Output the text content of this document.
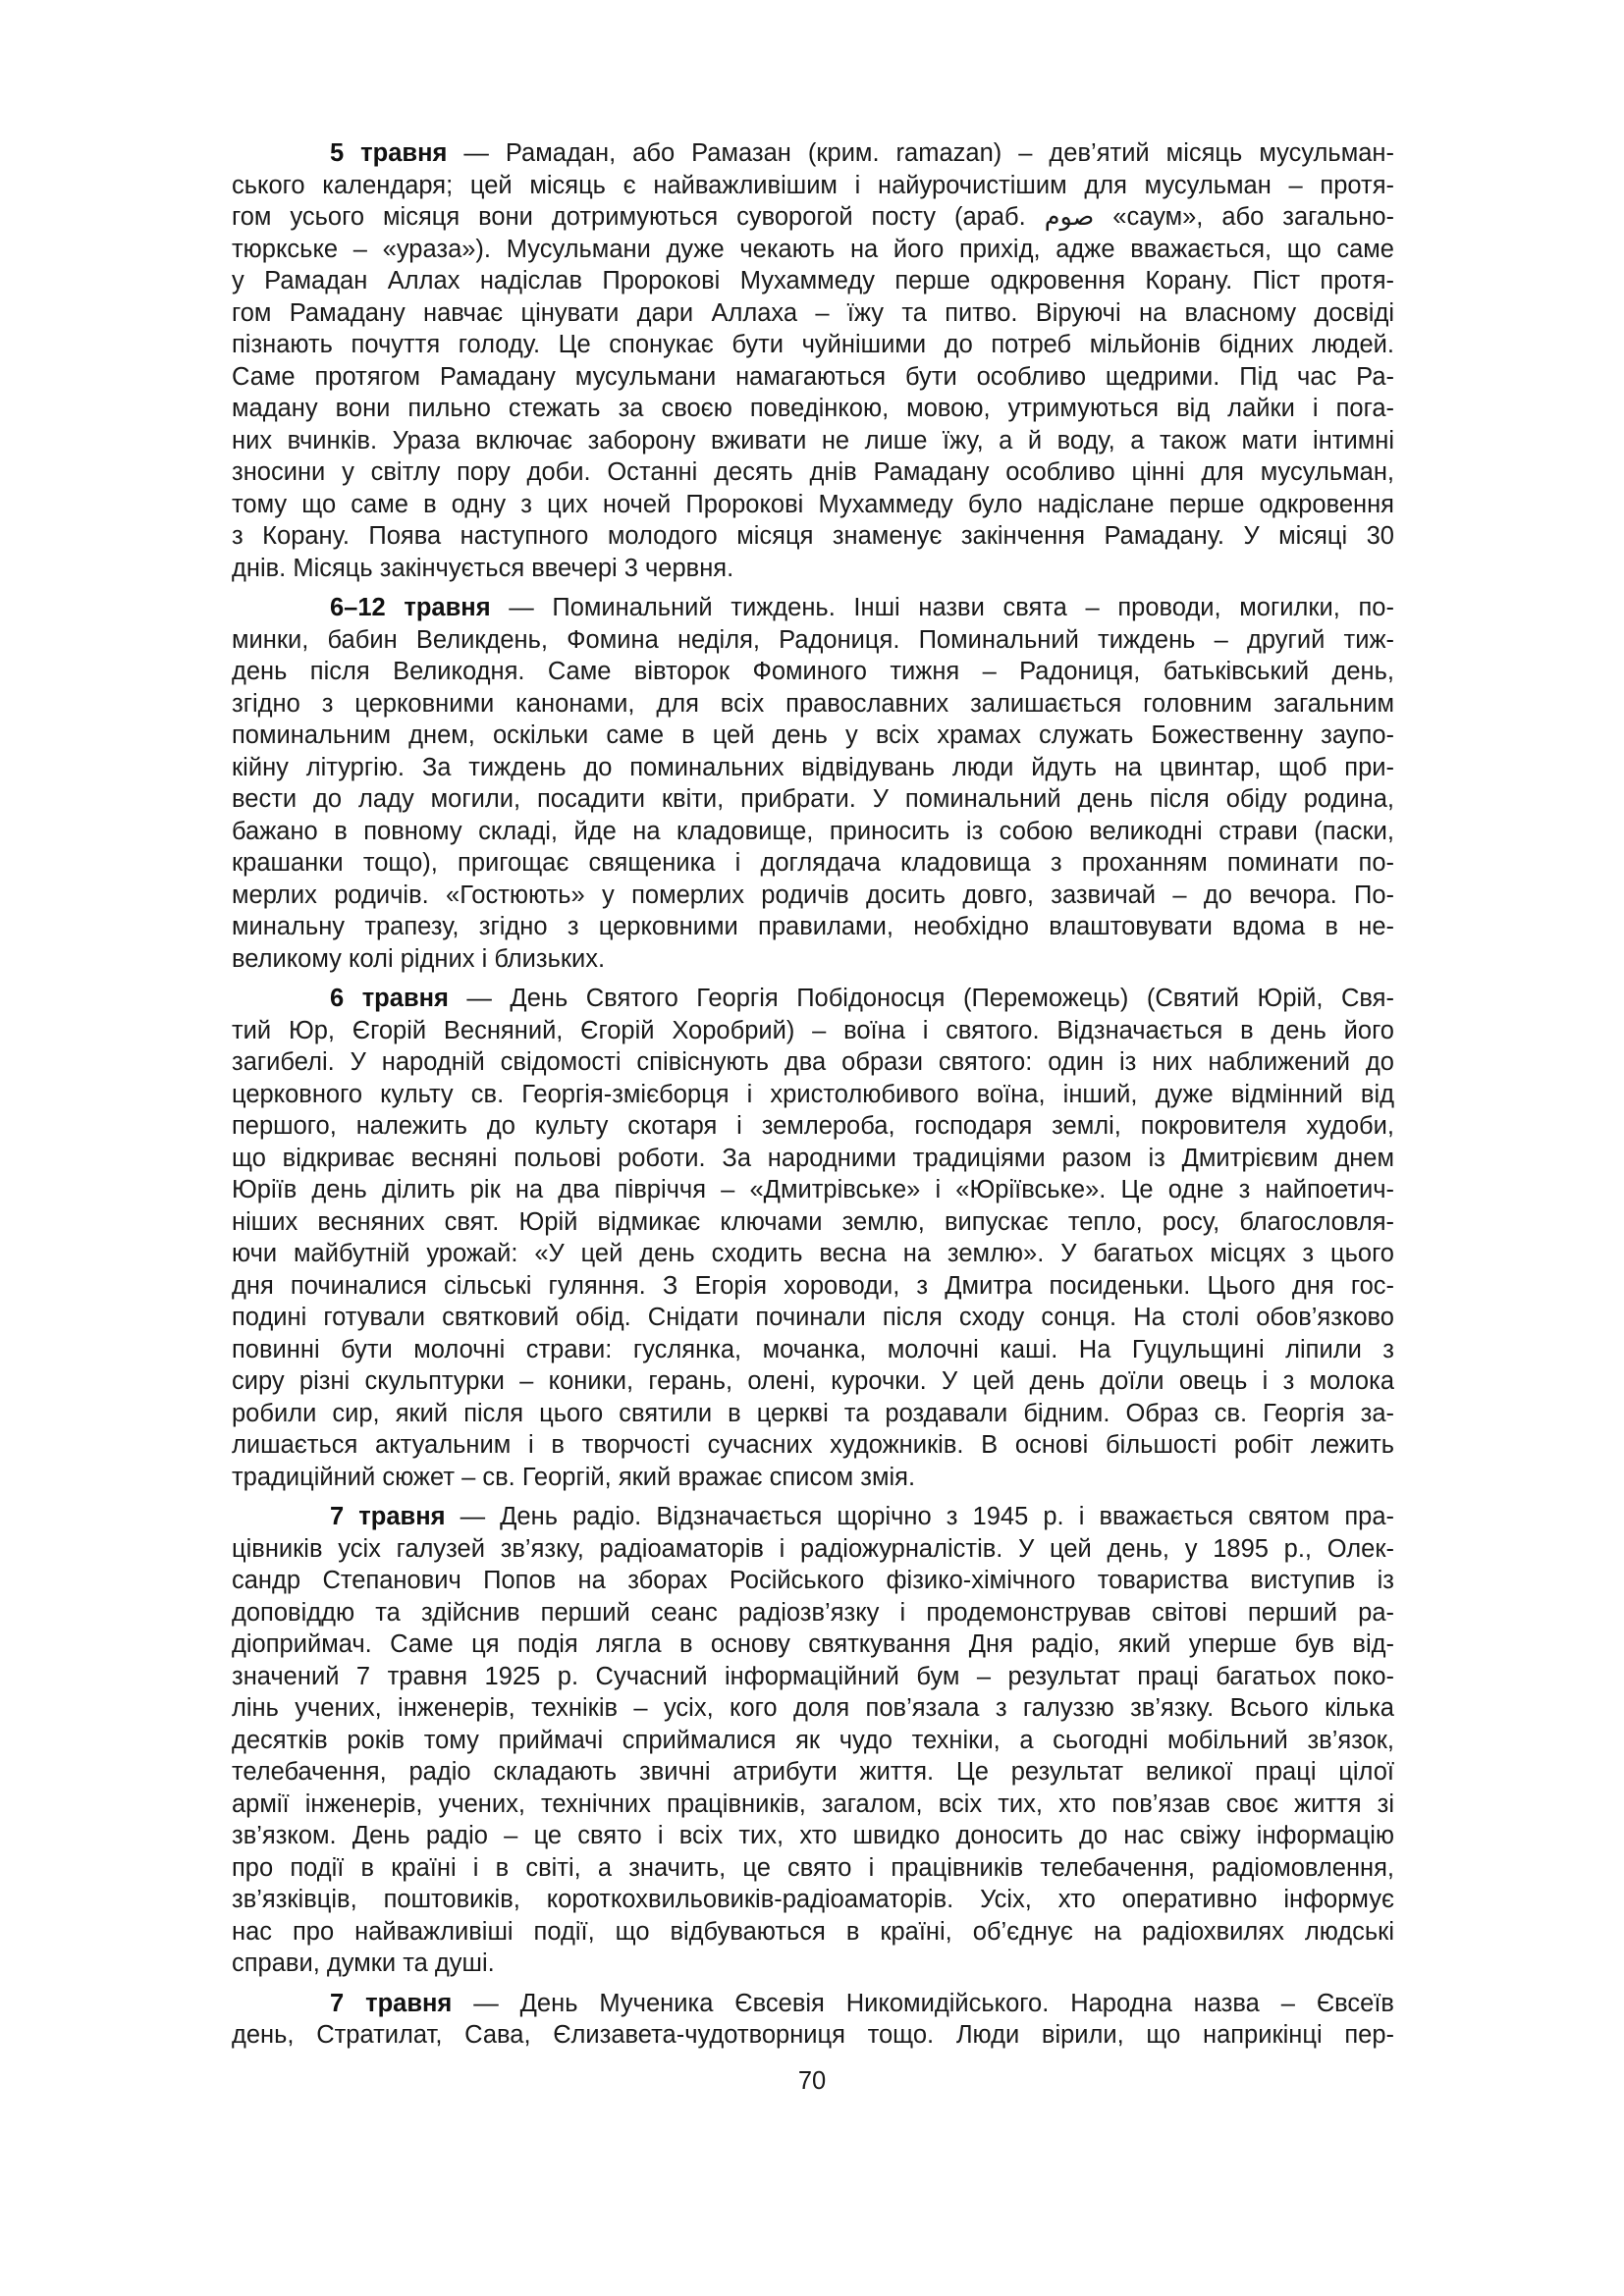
5 травня — Рамадан, або Рамазан (крим. ramazan) – дев’ятий місяць мусульман-
ського календаря; цей місяць є найважливішим і найурочистішим для мусульман – протя-
гом усього місяця вони дотримуються суворогой посту (араб. صوم «саум», або загально-
тюркське – «ураза»). Мусульмани дуже чекають на його прихід, адже вважається, що саме
у Рамадан Аллах надіслав Пророкові Мухаммеду перше одкровення Корану. Піст протя-
гом Рамадану навчає цінувати дари Аллаха – їжу та питво. Віруючі на власному досвіді
пізнають почуття голоду. Це спонукає бути чуйнішими до потреб мільйонів бідних людей.
Саме протягом Рамадану мусульмани намагаються бути особливо щедрими. Під час Ра-
мадану вони пильно стежать за своєю поведінкою, мовою, утримуються від лайки і пога-
них вчинків. Ураза включає заборону вживати не лише їжу, а й воду, а також мати інтимні
зносини у світлу пору доби. Останні десять днів Рамадану особливо цінні для мусульман,
тому що саме в одну з цих ночей Пророкові Мухаммеду було надіслане перше одкровення
з Корану. Поява наступного молодого місяця знаменує закінчення Рамадану. У місяці 30
днів. Місяць закінчується ввечері 3 червня.
6–12 травня — Поминальний тиждень. Інші назви свята – проводи, могилки, по-
минки, бабин Великдень, Фомина неділя, Радониця. Поминальний тиждень – другий тиж-
день після Великодня. Саме вівторок Фоминого тижня – Радониця, батьківський день,
згідно з церковними канонами, для всіх православних залишається головним загальним
поминальним днем, оскільки саме в цей день у всіх храмах служать Божественну заупо-
кійну літургію. За тиждень до поминальних відвідувань люди йдуть на цвинтар, щоб при-
вести до ладу могили, посадити квіти, прибрати. У поминальний день після обіду родина,
бажано в повному складі, йде на кладовище, приносить із собою великодні страви (паски,
крашанки тощо), пригощає священика і доглядача кладовища з проханням поминати по-
мерлих родичів. «Гостюють» у померлих родичів досить довго, зазвичай – до вечора. По-
минальну трапезу, згідно з церковними правилами, необхідно влаштовувати вдома в не-
великому колі рідних і близьких.
6 травня — День Святого Георгія Побідоносця (Переможець) (Святий Юрій, Свя-
тий Юр, Єгорій Весняний, Єгорій Хоробрий) – воїна і святого. Відзначається в день його
загибелі. У народній свідомості співіснують два образи святого: один із них наближений до
церковного культу св. Георгія-змієборця і христолюбивого воїна, інший, дуже відмінний від
першого, належить до культу скотаря і землероба, господаря землі, покровителя худоби,
що відкриває весняні польові роботи. За народними традиціями разом із Дмитрієвим днем
Юріїв день ділить рік на два півріччя – «Дмитрівське» і «Юріївське». Це одне з найпоетич-
ніших весняних свят. Юрій відмикає ключами землю, випускає тепло, росу, благословля-
ючи майбутній урожай: «У цей день сходить весна на землю». У багатьох місцях з цього
дня починалися сільські гуляння. З Егорія хороводи, з Дмитра посиденьки. Цього дня гос-
подині готували святковий обід. Снідати починали після сходу сонця. На столі обов’язково
повинні бути молочні страви: гуслянка, мочанка, молочні каші. На Гуцульщині ліпили з
сиру різні скульптурки – коники, герань, олені, курочки. У цей день доїли овець і з молока
робили сир, який після цього святили в церкві та роздавали бідним. Образ св. Георгія за-
лишається актуальним і в творчості сучасних художників. В основі більшості робіт лежить
традиційний сюжет – св. Георгій, який вражає списом змія.
7 травня — День радіо. Відзначається щорічно з 1945 р. і вважається святом пра-
цівників усіх галузей зв’язку, радіоаматорів і радіожурналістів. У цей день, у 1895 р., Олек-
сандр Степанович Попов на зборах Російського фізико-хімічного товариства виступив із
доповіддю та здійснив перший сеанс радіозв’язку і продемонстрував світові перший ра-
діоприймач. Саме ця подія лягла в основу святкування Дня радіо, який уперше був від-
значений 7 травня 1925 р. Сучасний інформаційний бум – результат праці багатьох поко-
лінь учених, інженерів, техніків – усіх, кого доля пов’язала з галуззю зв’язку. Всього кілька
десятків років тому приймачі сприймалися як чудо техніки, а сьогодні мобільний зв’язок,
телебачення, радіо складають звичні атрибути життя. Це результат великої праці цілої
армії інженерів, учених, технічних працівників, загалом, всіх тих, хто пов’язав своє життя зі
зв’язком. День радіо – це свято і всіх тих, хто швидко доносить до нас свіжу інформацію
про події в країні і в світі, а значить, це свято і працівників телебачення, радіомовлення,
зв’язківців, поштовиків, короткохвильовиків-радіоаматорів. Усіх, хто оперативно інформує
нас про найважливіші події, що відбуваються в країні, об’єднує на радіохвилях людські
справи, думки та душі.
7 травня — День Мученика Євсевія Никомидійського. Народна назва – Євсеїв
день, Стратилат, Сава, Єлизавета-чудотворниця тощо. Люди вірили, що наприкінці пер-
70
